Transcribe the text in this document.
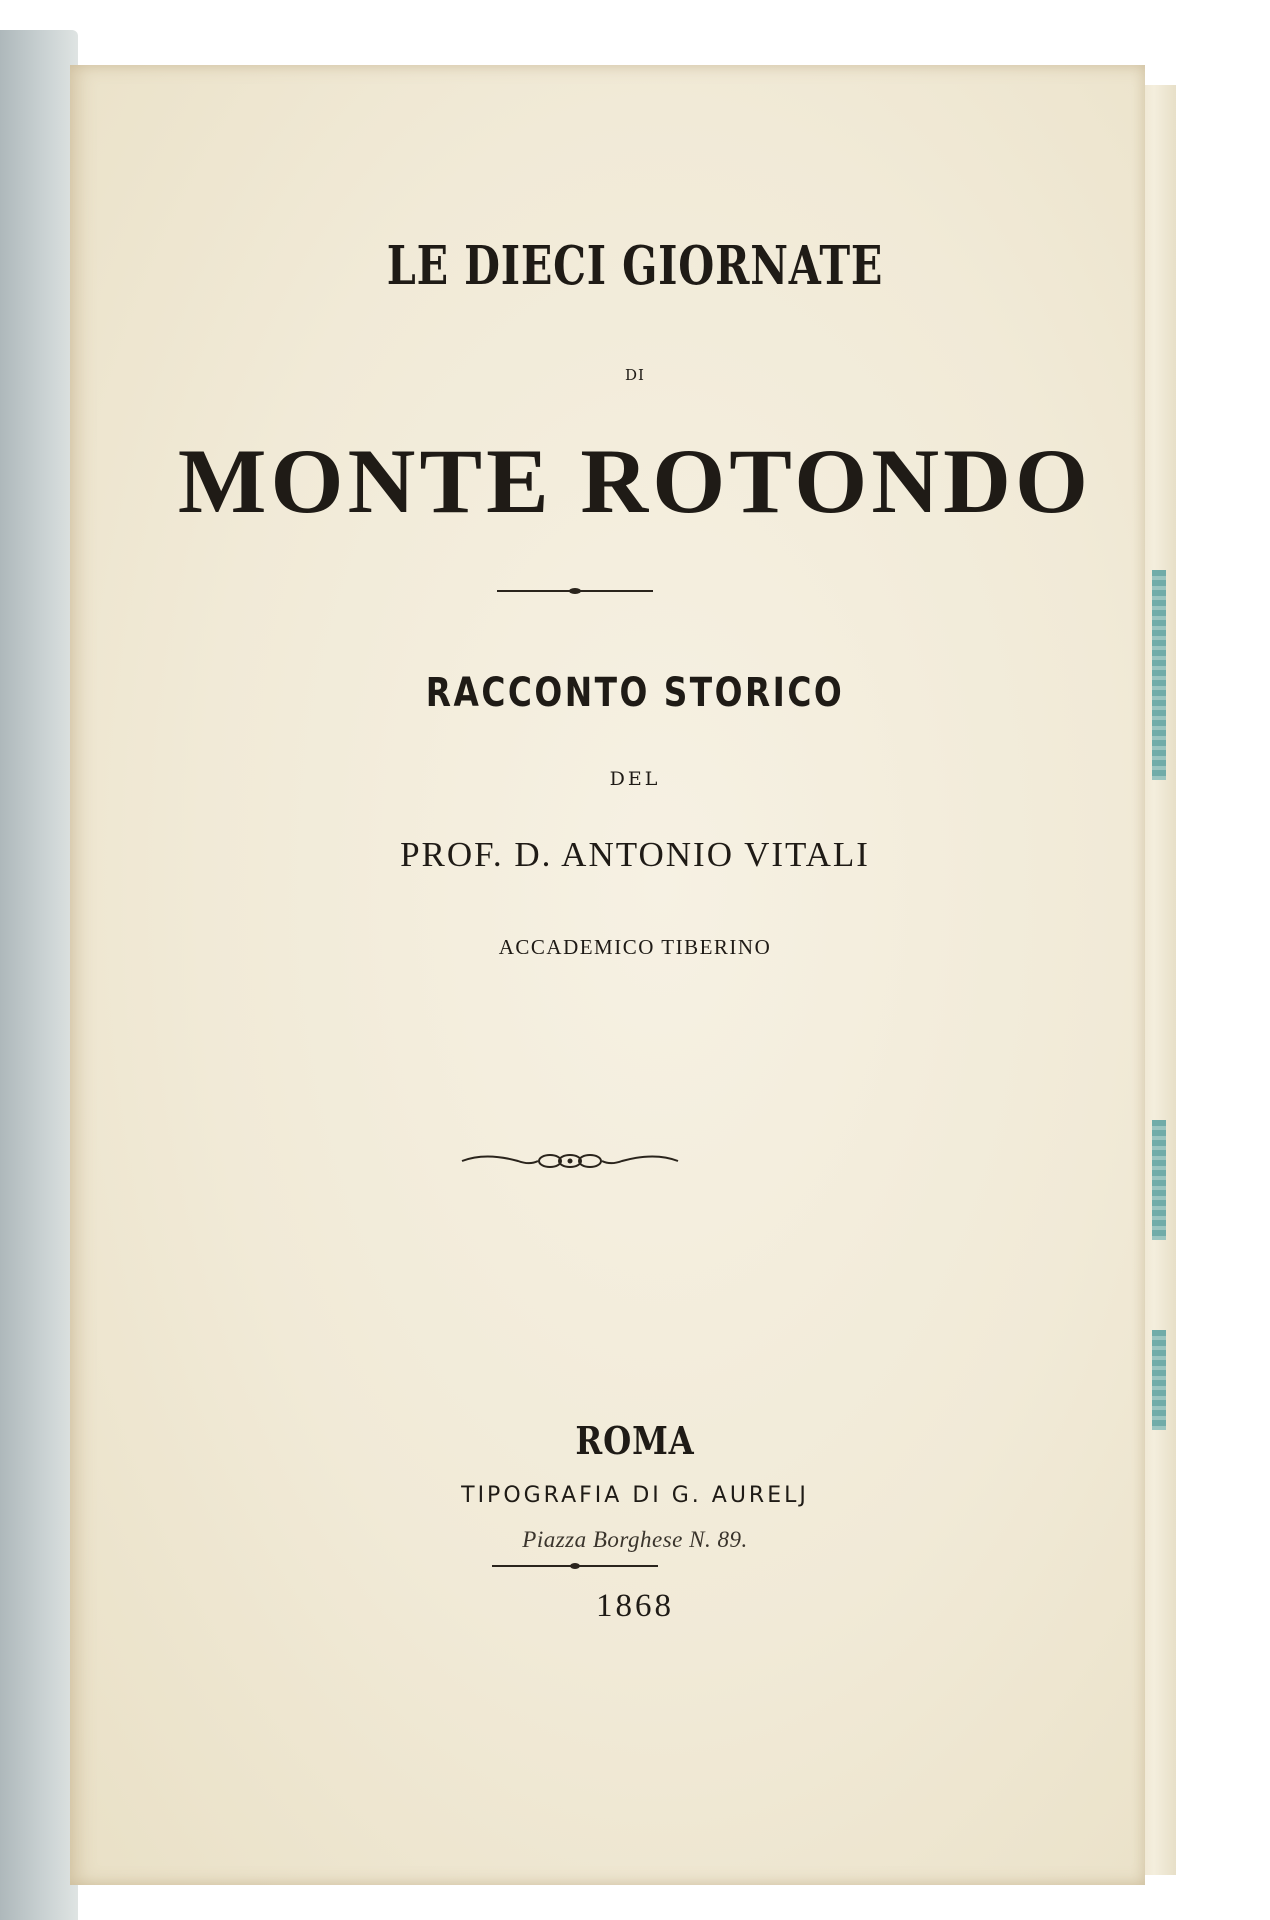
LE DIECI GIORNATE
DI
MONTE ROTONDO
RACCONTO STORICO
DEL
PROF. D. ANTONIO VITALI
ACCADEMICO TIBERINO
ROMA
TIPOGRAFIA DI G. AURELJ
Piazza Borghese N. 89.
1868
